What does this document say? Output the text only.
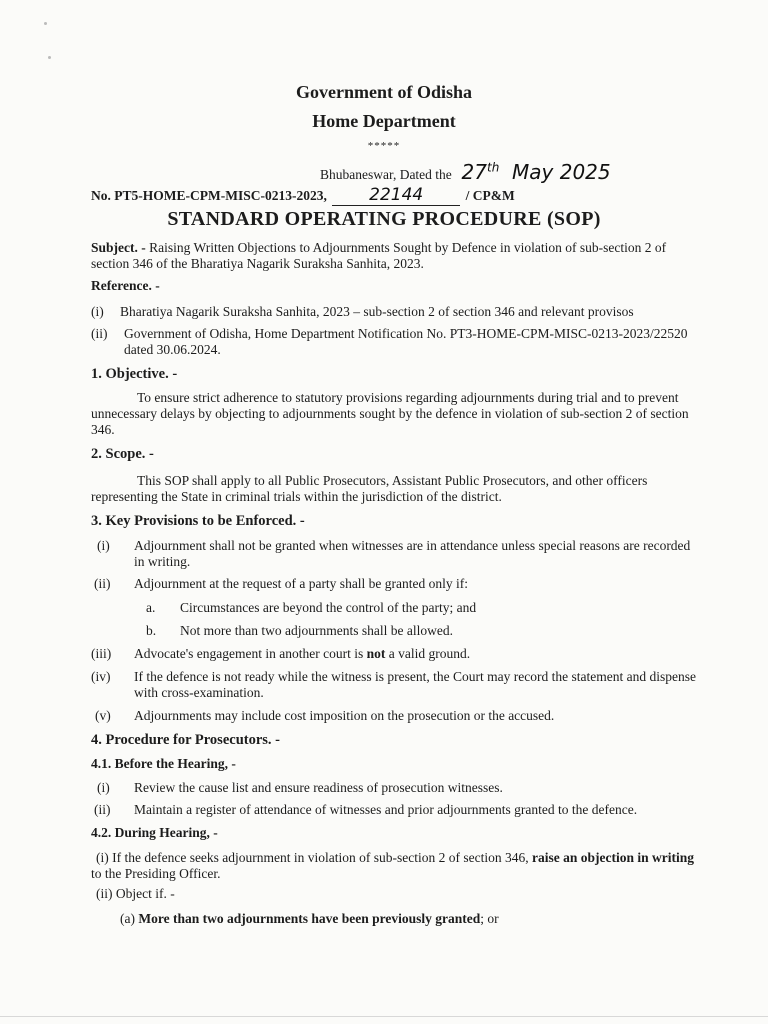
Government of Odisha
Home Department
*****
Bhubaneswar, Dated the 27th May 2025
No. PT5-HOME-CPM-MISC-0213-2023, 22144	/ CP&M
STANDARD OPERATING PROCEDURE (SOP)
Subject. - Raising Written Objections to Adjournments Sought by Defence in violation of sub-section 2 of section 346 of the Bharatiya Nagarik Suraksha Sanhita, 2023.
Reference. -
(i) Bharatiya Nagarik Suraksha Sanhita, 2023 – sub-section 2 of section 346 and relevant provisos
(ii) Government of Odisha, Home Department Notification No. PT3-HOME-CPM-MISC-0213-2023/22520 dated 30.06.2024.
1. Objective. -
To ensure strict adherence to statutory provisions regarding adjournments during trial and to prevent unnecessary delays by objecting to adjournments sought by the defence in violation of sub-section 2 of section 346.
2. Scope. -
This SOP shall apply to all Public Prosecutors, Assistant Public Prosecutors, and other officers representing the State in criminal trials within the jurisdiction of the district.
3. Key Provisions to be Enforced. -
(i) Adjournment shall not be granted when witnesses are in attendance unless special reasons are recorded in writing.
(ii) Adjournment at the request of a party shall be granted only if:
a. Circumstances are beyond the control of the party; and
b. Not more than two adjournments shall be allowed.
(iii) Advocate's engagement in another court is not a valid ground.
(iv) If the defence is not ready while the witness is present, the Court may record the statement and dispense with cross-examination.
(v) Adjournments may include cost imposition on the prosecution or the accused.
4. Procedure for Prosecutors. -
4.1. Before the Hearing, -
(i) Review the cause list and ensure readiness of prosecution witnesses.
(ii) Maintain a register of attendance of witnesses and prior adjournments granted to the defence.
4.2. During Hearing, -
(i) If the defence seeks adjournment in violation of sub-section 2 of section 346, raise an objection in writing to the Presiding Officer.
(ii) Object if. -
(a) More than two adjournments have been previously granted; or
